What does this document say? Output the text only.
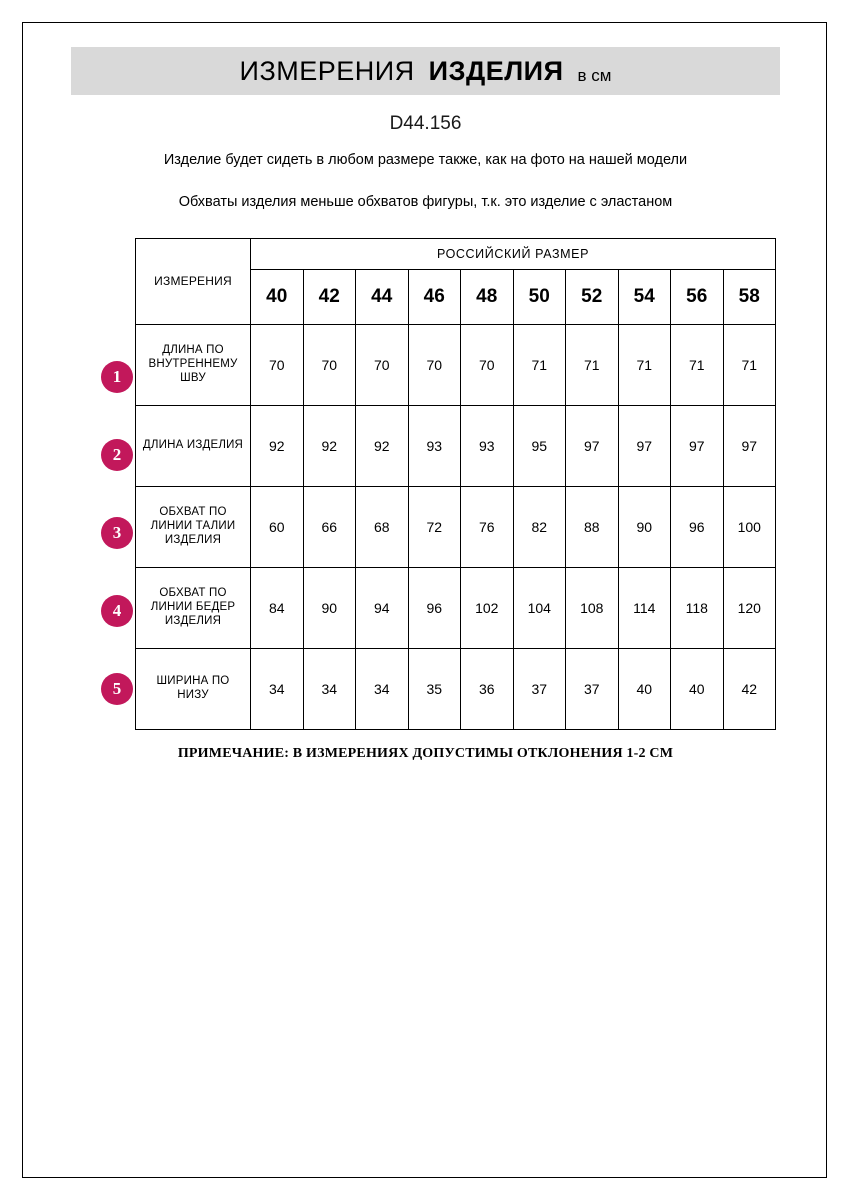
ИЗМЕРЕНИЯ ИЗДЕЛИЯ в см
D44.156
Изделие будет сидеть в любом размере также, как на фото на нашей модели
Обхваты изделия меньше обхватов фигуры, т.к. это изделие с эластаном
1
2
3
4
5
ИЗМЕРЕНИЯ	РОССИЙСКИЙ РАЗМЕР									
	40	42	44	46	48	50	52	54	56	58
ДЛИНА ПО ВНУТРЕННЕМУ ШВУ	70	70	70	70	70	71	71	71	71	71
ДЛИНА ИЗДЕЛИЯ	92	92	92	93	93	95	97	97	97	97
ОБХВАТ ПО ЛИНИИ ТАЛИИ ИЗДЕЛИЯ	60	66	68	72	76	82	88	90	96	100
ОБХВАТ ПО ЛИНИИ БЕДЕР ИЗДЕЛИЯ	84	90	94	96	102	104	108	114	118	120
ШИРИНА ПО НИЗУ	34	34	34	35	36	37	37	40	40	42
ПРИМЕЧАНИЕ: В ИЗМЕРЕНИЯХ ДОПУСТИМЫ ОТКЛОНЕНИЯ 1-2 СМ
